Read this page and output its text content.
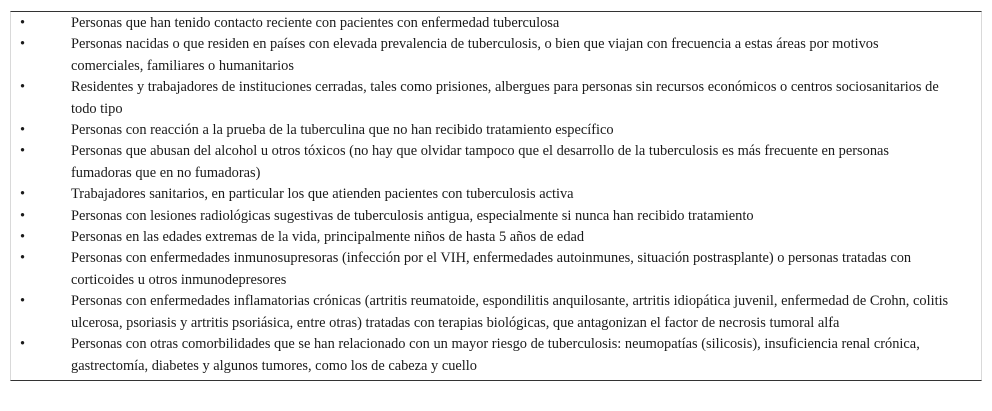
•	Personas que han tenido contacto reciente con pacientes con enfermedad tuberculosa
•	Personas nacidas o que residen en países con elevada prevalencia de tuberculosis, o bien que viajan con frecuencia a estas áreas por motivos comerciales, familiares o humanitarios
•	Residentes y trabajadores de instituciones cerradas, tales como prisiones, albergues para personas sin recursos económicos o centros sociosanitarios de todo tipo
•	Personas con reacción a la prueba de la tuberculina que no han recibido tratamiento específico
•	Personas que abusan del alcohol u otros tóxicos (no hay que olvidar tampoco que el desarrollo de la tuberculosis es más frecuente en personas fumadoras que en no fumadoras)
•	Trabajadores sanitarios, en particular los que atienden pacientes con tuberculosis activa
•	Personas con lesiones radiológicas sugestivas de tuberculosis antigua, especialmente si nunca han recibido tratamiento
•	Personas en las edades extremas de la vida, principalmente niños de hasta 5 años de edad
•	Personas con enfermedades inmunosupresoras (infección por el VIH, enfermedades autoinmunes, situación postrasplante) o personas tratadas con corticoides u otros inmunodepresores
•	Personas con enfermedades inflamatorias crónicas (artritis reumatoide, espondilitis anquilosante, artritis idiopática juvenil, enfermedad de Crohn, colitis ulcerosa, psoriasis y artritis psoriásica, entre otras) tratadas con terapias biológicas, que antagonizan el factor de necrosis tumoral alfa
•	Personas con otras comorbilidades que se han relacionado con un mayor riesgo de tuberculosis: neumopatías (silicosis), insuficiencia renal crónica, gastrectomía, diabetes y algunos tumores, como los de cabeza y cuello
